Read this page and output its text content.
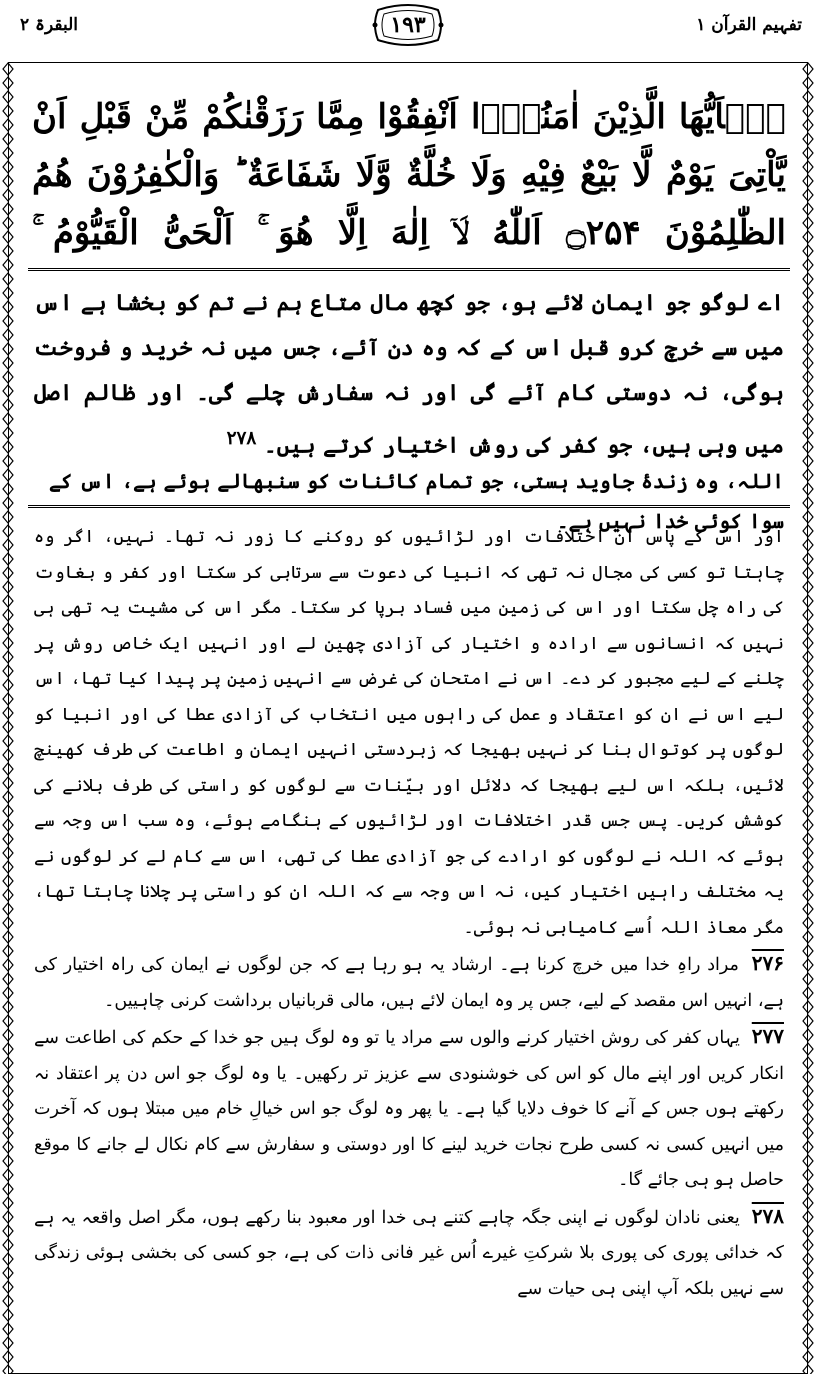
تفہیم القرآن ۱
۱۹۳
البقرۃ ۲
یٰۤاَیُّهَا الَّذِیْنَ اٰمَنُوْۤا اَنْفِقُوْا مِمَّا رَزَقْنٰكُمْ مِّنْ قَبْلِ اَنْ یَّاْتِیَ یَوْمٌ لَّا بَیْعٌ فِیْهِ وَلَا خُلَّةٌ وَّلَا شَفَاعَةٌ ؕ وَالْكٰفِرُوْنَ هُمُ الظّٰلِمُوْنَ ۝۲۵۴ اَللّٰهُ لَاۤ اِلٰهَ اِلَّا هُوَ ۚ اَلْحَیُّ الْقَیُّوْمُ ۚ
اے لوگو جو ایمان لائے ہو، جو کچھ مال متاع ہم نے تم کو بخشا ہے اس میں سے خرچ کرو قبل اس کے کہ وہ دن آئے، جس میں نہ خرید و فروخت ہوگی، نہ دوستی کام آئے گی اور نہ سفارش چلے گی۔ اور ظالم اصل میں وہی ہیں، جو کفر کی روش اختیار کرتے ہیں۔ $^{۲۷۸}$
اللہ، وہ زندۂ جاوید ہستی، جو تمام کائنات کو سنبھالے ہوئے ہے، اس کے سوا کوئی خدا نہیں ہے۔

اور اس کے پاس ان اختلافات اور لڑائیوں کو روکنے کا زور نہ تھا۔ نہیں، اگر وہ چاہتا تو کسی کی مجال نہ تھی کہ انبیا کی دعوت سے سرتابی کر سکتا اور کفر و بغاوت کی راہ چل سکتا اور اس کی زمین میں فساد برپا کر سکتا۔ مگر اس کی مشیت یہ تھی ہی نہیں کہ انسانوں سے ارادہ و اختیار کی آزادی چھین لے اور انہیں ایک خاص روش پر چلنے کے لیے مجبور کر دے۔ اس نے امتحان کی غرض سے انہیں زمین پر پیدا کیا تھا، اس لیے اس نے ان کو اعتقاد و عمل کی راہوں میں انتخاب کی آزادی عطا کی اور انبیا کو لوگوں پر کوتوال بنا کر نہیں بھیجا کہ زبردستی انہیں ایمان و اطاعت کی طرف کھینچ لائیں، بلکہ اس لیے بھیجا کہ دلائل اور بیّنات سے لوگوں کو راستی کی طرف بلانے کی کوشش کریں۔ پس جس قدر اختلافات اور لڑائیوں کے ہنگامے ہوئے، وہ سب اس وجہ سے ہوئے کہ اللہ نے لوگوں کو ارادے کی جو آزادی عطا کی تھی، اس سے کام لے کر لوگوں نے یہ مختلف راہیں اختیار کیں، نہ اس وجہ سے کہ اللہ ان کو راستی پر چلانا چاہتا تھا، مگر معاذ اللہ اُسے کامیابی نہ ہوئی۔

۲۷۶ مراد راہِ خدا میں خرچ کرنا ہے۔ ارشاد یہ ہو رہا ہے کہ جن لوگوں نے ایمان کی راہ اختیار کی ہے، انہیں اس مقصد کے لیے، جس پر وہ ایمان لائے ہیں، مالی قربانیاں برداشت کرنی چاہییں۔

۲۷۷ یہاں کفر کی روش اختیار کرنے والوں سے مراد یا تو وہ لوگ ہیں جو خدا کے حکم کی اطاعت سے انکار کریں اور اپنے مال کو اس کی خوشنودی سے عزیز تر رکھیں۔ یا وہ لوگ جو اس دن پر اعتقاد نہ رکھتے ہوں جس کے آنے کا خوف دلایا گیا ہے۔ یا پھر وہ لوگ جو اس خیالِ خام میں مبتلا ہوں کہ آخرت میں انہیں کسی نہ کسی طرح نجات خرید لینے کا اور دوستی و سفارش سے کام نکال لے جانے کا موقع حاصل ہو ہی جائے گا۔

۲۷۸ یعنی نادان لوگوں نے اپنی جگہ چاہے کتنے ہی خدا اور معبود بنا رکھے ہوں، مگر اصل واقعہ یہ ہے کہ خدائی پوری کی پوری بلا شرکتِ غیرے اُس غیر فانی ذات کی ہے، جو کسی کی بخشی ہوئی زندگی سے نہیں بلکہ آپ اپنی ہی حیات سے
